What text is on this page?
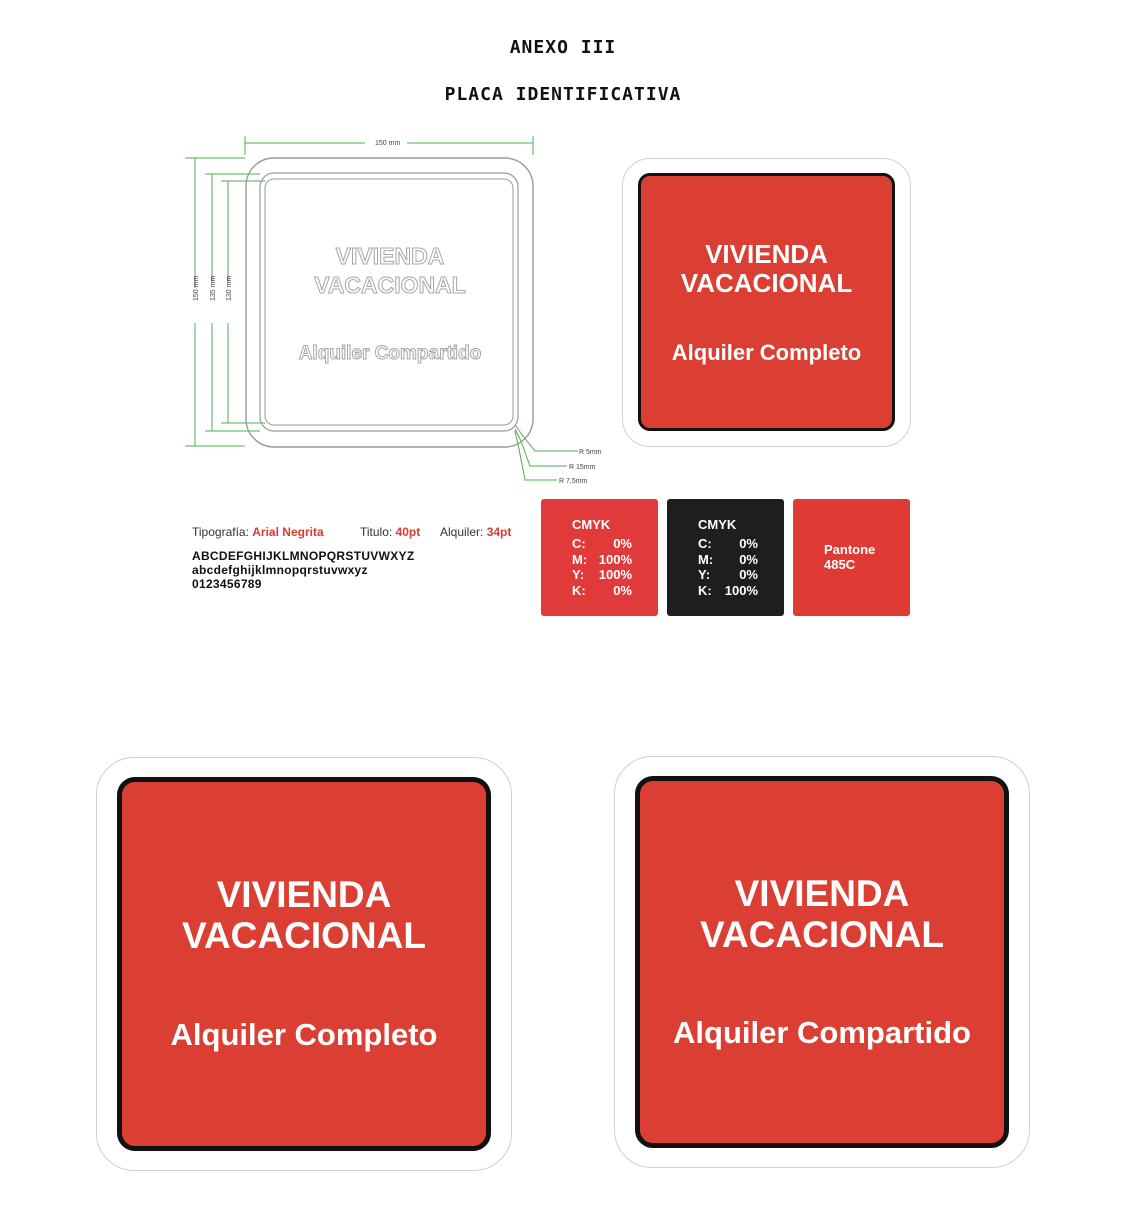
ANEXO III
PLACA IDENTIFICATIVA
150 mm 135 mm 130 mm
150 mm
R 5mm
R 15mm
R 7,5mm
VIVIENDA
VACACIONAL
Alquiler Compartido
VIVIENDA
VACACIONAL
Alquiler Completo
Tipografía: Arial Negrita	Titulo: 40pt Alquiler: 34pt
ABCDEFGHIJKLMNOPQRSTUVWXYZ
abcdefghijklmnopqrstuvwxyz
0123456789
CMYK
C: 0%
M: 100%
Y: 100%
K: 0%
CMYK
C: 0%
M: 0%
Y: 0%
K: 100%
Pantone
485C
VIVIENDA
VACACIONAL
Alquiler Completo
VIVIENDA
VACACIONAL
Alquiler Compartido
